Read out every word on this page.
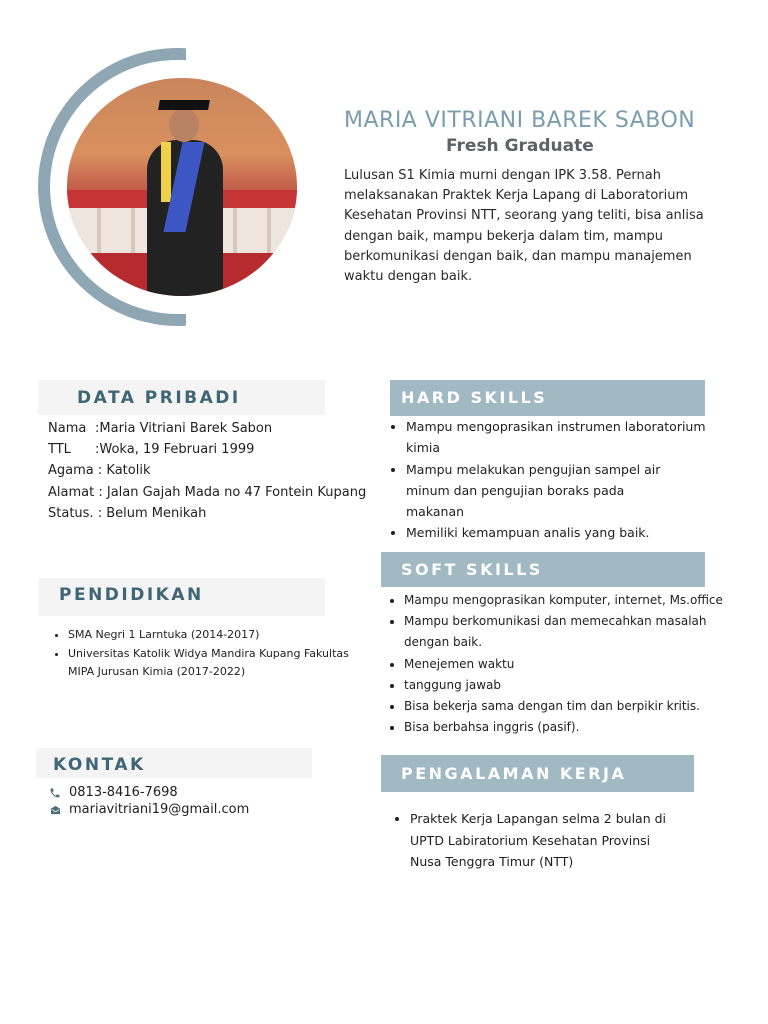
MARIA VITRIANI BAREK SABON
Fresh Graduate
Lulusan S1 Kimia murni dengan IPK 3.58. Pernah melaksanakan Praktek Kerja Lapang di Laboratorium Kesehatan Provinsi NTT, seorang yang teliti, bisa anlisa dengan baik, mampu bekerja dalam tim, mampu berkomunikasi dengan baik, dan mampu manajemen waktu dengan baik.
DATA PRIBADI
Nama : Maria Vitriani Barek Sabon
TTL	: Woka, 19 Februari 1999
Agama : Katolik
Alamat : Jalan Gajah Mada no 47 Fontein Kupang
Status. : Belum Menikah
PENDIDIKAN
• SMA Negri 1 Larntuka (2014-2017)
• Universitas Katolik Widya Mandira Kupang Fakultas MIPA Jurusan Kimia (2017-2022)
KONTAK
0813-8416-7698
mariavitriani19@gmail.com
HARD SKILLS
• Mampu mengoprasikan instrumen laboratorium kimia
• Mampu melakukan pengujian sampel air minum dan pengujian boraks pada makanan
• Memiliki kemampuan analis yang baik.
SOFT SKILLS
• Mampu mengoprasikan komputer, internet, Ms.office
• Mampu berkomunikasi dan memecahkan masalah dengan baik.
• Menejemen waktu
• tanggung jawab
• Bisa bekerja sama dengan tim dan berpikir kritis.
• Bisa berbahsa inggris (pasif).
PENGALAMAN KERJA
• Praktek Kerja Lapangan selma 2 bulan di UPTD Labiratorium Kesehatan Provinsi Nusa Tenggra Timur (NTT)
